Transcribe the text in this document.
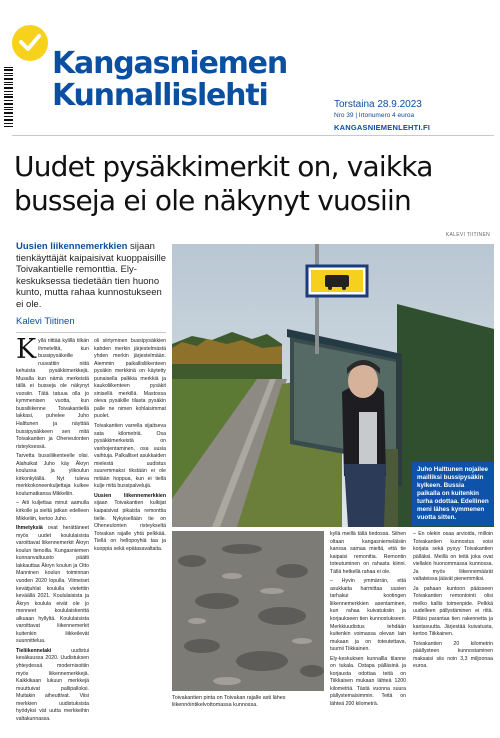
Kangasniemen
Kunnallislehti	Torstaina 28.9.2023
Nro 39 | Irtonumero 4 euroa
KANGASNIEMENLEHTI.FI
Uudet pysäkkimerkit on, vaikka busseja ei ole näkynyt vuosiin
KALEVI TIITINEN
Uusien liikennemerkkien sijaan tienkäyttäjät kaipaisivat kuoppaisille Toivakantielle remonttia. Ely-keskuksessa tiedetään tien huono kunto, mutta rahaa kunnostukseen ei ole.
Kalevi Tiitinen

Kyllä riittää kylillä tilkän ihmetelitä, kun bussipysäkeille ruuvattiin niitä kehuista pysäkkimerkkejä. Musalla kun nämä merkeistä tällä ei busseja ole näkynyt vuosiin. Tätä tatuua olla jo kymmenisen vuotta, kun bussiliikenne Toivakantiellä lakkasi, puhelee Juho Halttunen ja näyttää bussipysäkkeen sen mitä Toivakantien ja Oheneulonten risteyksessä.

Tarvetta bussiliikenteelle olisi. Alahuikat Juho käy Äkryn koulussa ja ylikoulun kirkonkylällä. Nyt tuleva merkkokoneenkuljettaja kulkee koulumatkansa Mikkeliin.

– Aiti kuljettaa minut aamulla kirkolle ja sieltä jatkan edelleen Mikkeliin, kertoo Juho.

Ihmetyksiä ovat herättäneet myös uudet koululaisista varoittavat liikennemerkit Äkryn koulun tienoilla. Kungasniemen kunnanvaltuusto päätti lakkauttaa Äkryn koulun ja Otto Manninen koulun toiminnan vuoden 2020 lopulla. Viimeiset kevätjuhlat koululla vietettiin keväällä 2021. Koululaisista ja Äkryn koulula eivät ole jo menneet koululaiskenttä alkuaan hyllyltä. Koululaisista varoittavat liikennemerkit kuitenkin liikkeilevät suunnittelua.

Tieliikennelaki	uudistui kesäkuussa 2020. Uudistuksen yhteydessä modernisoitiin myös liikennemerkkejä. Kaikkikaan lukuun merkkejä muuttuivat pallipalloksi. Muitakin aiheuttivat. Viisi merkkien uudistuksista hyödyksi vät uutta merkkeihin valtakunnassa.

oli siirtyminen bussipysäkkien kahden merkin järjestelmästä yhden merkin järjestelmään. Aiemmin paikallisliikenteen pysäkin merkkinä on käytetty punaisella palkkia merkkiä ja kaukoliikenteen pysäkit sinisellä merkillä. Mastossa oleva pysäkille tilasta pysäkin palle ne nimen kohlaisimmat puolet.

Toivakantien varrella sijaitseva sata kilometriä. Osa pysäkkimerkeistä on vanhojentaminen, osa uusia vaihtuja. Palkalliset asukkaiden mielestä uudistus suuremmaksi tikstään ei ole mitään hoppua, kun ei tiellä kulje mitä bussipalvelujä.

Uusien liikennemerkkien sijaan Toivakantien kulkijat kaipaisivat pikaista remonttia tielle. Nykyisellään tie on Oheneulonten risteykseltä Toivakan rajalle yhtä pelkkää. Tiellä on hellopoyhiä taa ja kuoppia sekä epätasavaltaita.

Juho Halttunen nojailee mailliksi bussipysäkin kylkeen. Bussia paikalla on kuitenkin turha odottaa. Edellinen meni lähes kymmenen vuotta sitten.
Toivakantien pinta on Toivakan rajalle asti lähes liikennöintikelvottomassa kunnossa.

kyllä meillä tällä tiedossa. Siihen oltaan kangasniemeläisiin kanssa samaa mieltä, että tie kaipaisi remonttia. Remontin toteutuminen on rahasta kiinni. Tällä hetkellä rahaa ei ole.

– Hyvin ymmärrän, että asukkaita harmittaa uusien tarhakui kootingen liikennemerkkien asentaminen, kun rahaa kuivatuksiin ja korjaukseen tien kunnostukseen. Merkkiuudistus tehdään kuitenkin voimassa olevan lain mukaan ja on toteutettava, tuumii Tiikkainen.

Ely-keskuksen kunnallla tilanne on tukala. Ostapa pälläsinä ja korjausta odottaa teitä on Tiikkaisen mukaan lähteä 1200 kilometriä. Tästä vuonna suura pällystemaisimmin. Teitä on lähteä 200 kilometrä.

– En olekin osaa arvioida, milloin Toivakantien kunnostus voisi korjata sekä pysyy Toivakantien pälläksi. Meillä on teitä joka ovat viellakin huonommassa kunnossa. Ja myös liikennemäärät valtateissa jäävät pienemmiksi.

Ja pahaan kuntoon päässeen Toivakantien remontointi olisi melko kallis toimenpide. Pelkkä uudelleen pällystäminen ei riitä. Pitäisi parantaa tien rakennetta ja kantavuutta. Järjestää kuivatusta, kertoo Tiikkainen.

Toivakantien 20 kilometrin päällysteen kunnostaminen maksaisi siis noin 3,3 miljoonaa euroa.
